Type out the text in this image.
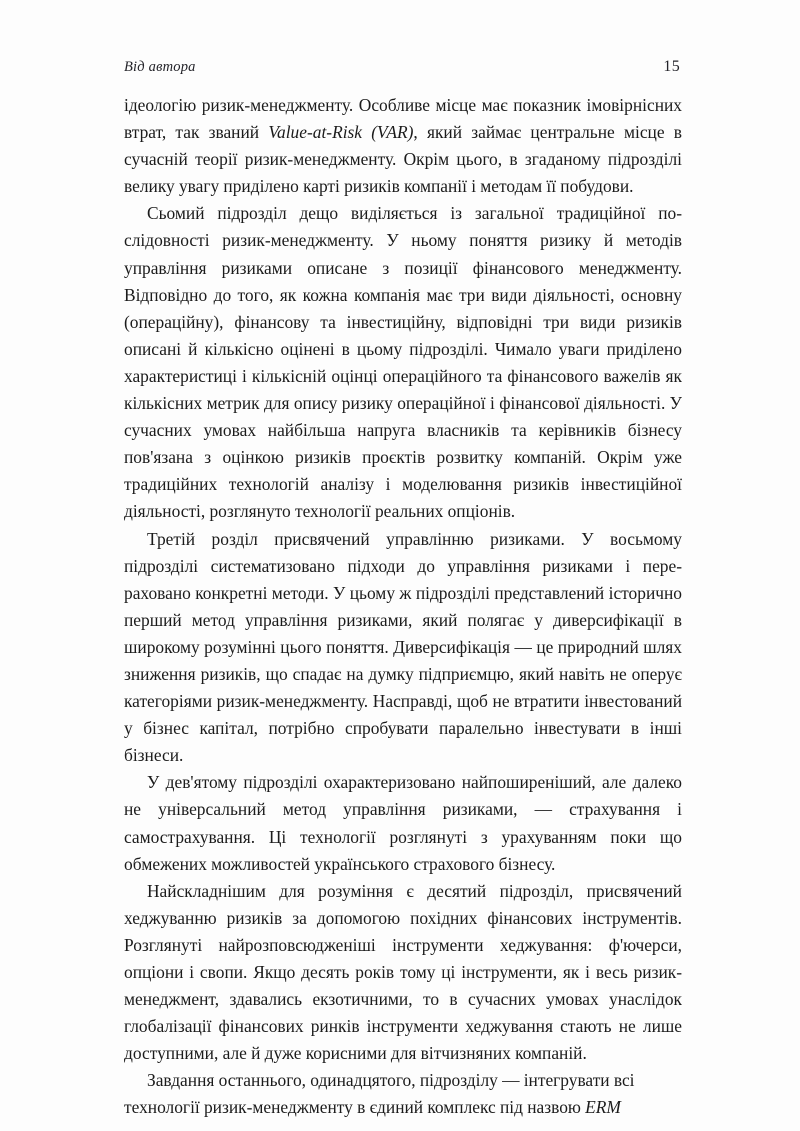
Від автора	15

ідеологію ризик-менеджменту. Особливе місце має показник імовірнісних втрат, так званий Value-at-Risk (VAR), який займає центральне місце в сучасній теорії ризик-менеджменту. Окрім цього, в згаданому підрозділі велику увагу приділено карті ризиків компанії і методам її побудови.

Сьомий підрозділ дещо виділяється із загальної традиційної послідовності ризик-менеджменту. У ньому поняття ризику й методів управління ризиками описане з позиції фінансового менеджменту. Відповідно до того, як кожна компанія має три види діяльності, основну (операційну), фінансову та інвестиційну, відповідні три види ризиків описані й кількісно оцінені в цьому підрозділі. Чимало уваги приділено характеристиці і кількісній оцінці операційного та фінансового важелів як кількісних метрик для опису ризику операційної і фінансової діяльності. У сучасних умовах найбільша напруга власників та керівників бізнесу пов'язана з оцінкою ризиків проєктів розвитку компаній. Окрім уже традиційних технологій аналізу і моделювання ризиків інвестиційної діяльності, розглянуто технології реальних опціонів.

Третій розділ присвячений управлінню ризиками. У восьмому підрозділі систематизовано підходи до управління ризиками і перераховано конкретні методи. У цьому ж підрозділі представлений історично перший метод управління ризиками, який полягає у диверсифікації в широкому розумінні цього поняття. Диверсифікація — це природний шлях зниження ризиків, що спадає на думку підприємцю, який навіть не оперує категоріями ризик-менеджменту. Насправді, щоб не втратити інвестований у бізнес капітал, потрібно спробувати паралельно інвестувати в інші бізнеси.

У дев'ятому підрозділі охарактеризовано найпоширеніший, але далеко не універсальний метод управління ризиками, — страхування і самострахування. Ці технології розглянуті з урахуванням поки що обмежених можливостей українського страхового бізнесу.

Найскладнішим для розуміння є десятий підрозділ, присвячений хеджуванню ризиків за допомогою похідних фінансових інструментів. Розглянуті найрозповсюдженіші інструменти хеджування: ф'ючерси, опціони і свопи. Якщо десять років тому ці інструменти, як і весь ризик-менеджмент, здавались екзотичними, то в сучасних умовах унаслідок глобалізації фінансових ринків інструменти хеджування стають не лише доступними, але й дуже корисними для вітчизняних компаній.

Завдання останнього, одинадцятого, підрозділу — інтегрувати всі технології ризик-менеджменту в єдиний комплекс під назвою ERM
